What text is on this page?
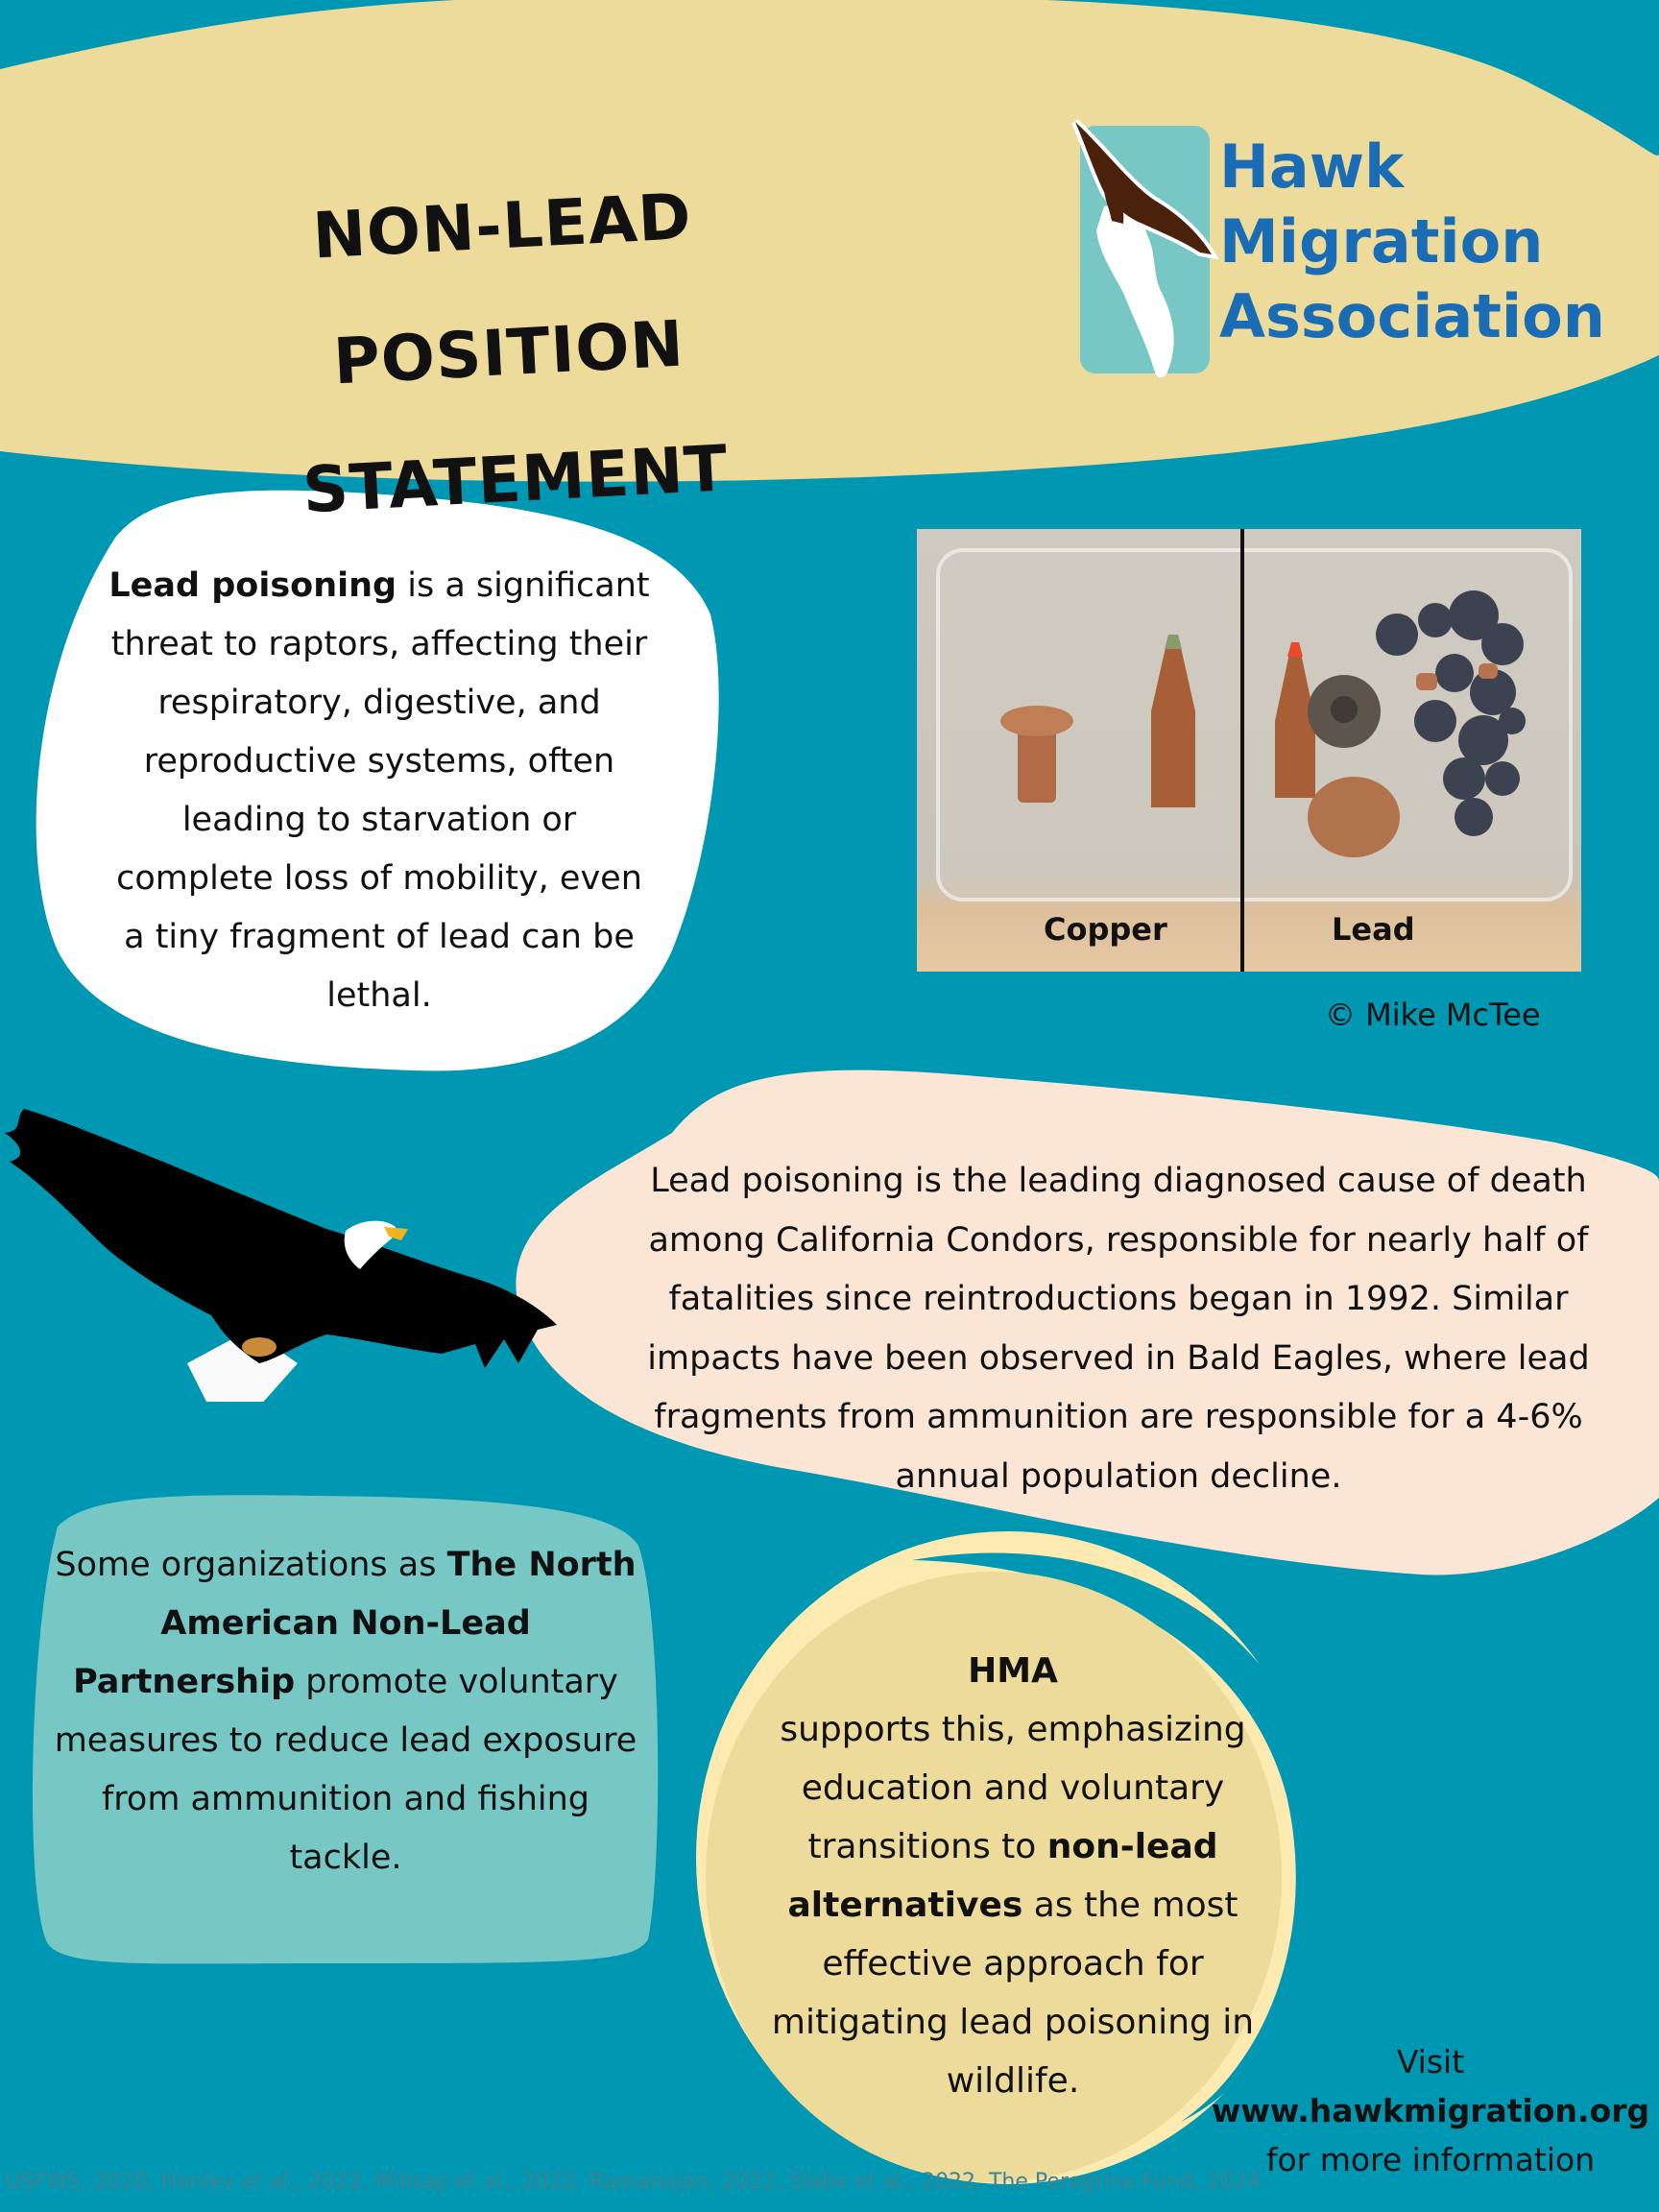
NON-LEAD POSITION
STATEMENT
Hawk
Migration
Association
Lead poisoning is a significant threat to raptors, affecting their respiratory, digestive, and reproductive systems, often leading to starvation or complete loss of mobility, even a tiny fragment of lead can be lethal.
Copper	Lead
© Mike McTee
Lead poisoning is the leading diagnosed cause of death among California Condors, responsible for nearly half of fatalities since reintroductions began in 1992. Similar impacts have been observed in Bald Eagles, where lead fragments from ammunition are responsible for a 4-6% annual population decline.
Some organizations as The North American Non-Lead Partnership promote voluntary measures to reduce lead exposure from ammunition and fishing tackle.
HMA
supports this, emphasizing education and voluntary transitions to non-lead alternatives as the most effective approach for mitigating lead poisoning in wildlife.	Visit
www.hawkmigration.org
for more information
USFWS, 2020, Hanley et al., 2022, Millsap et al., 2022, Ramanujan, 2022, Slabe et al., 2022, The Peregrine Fund, 2024.
